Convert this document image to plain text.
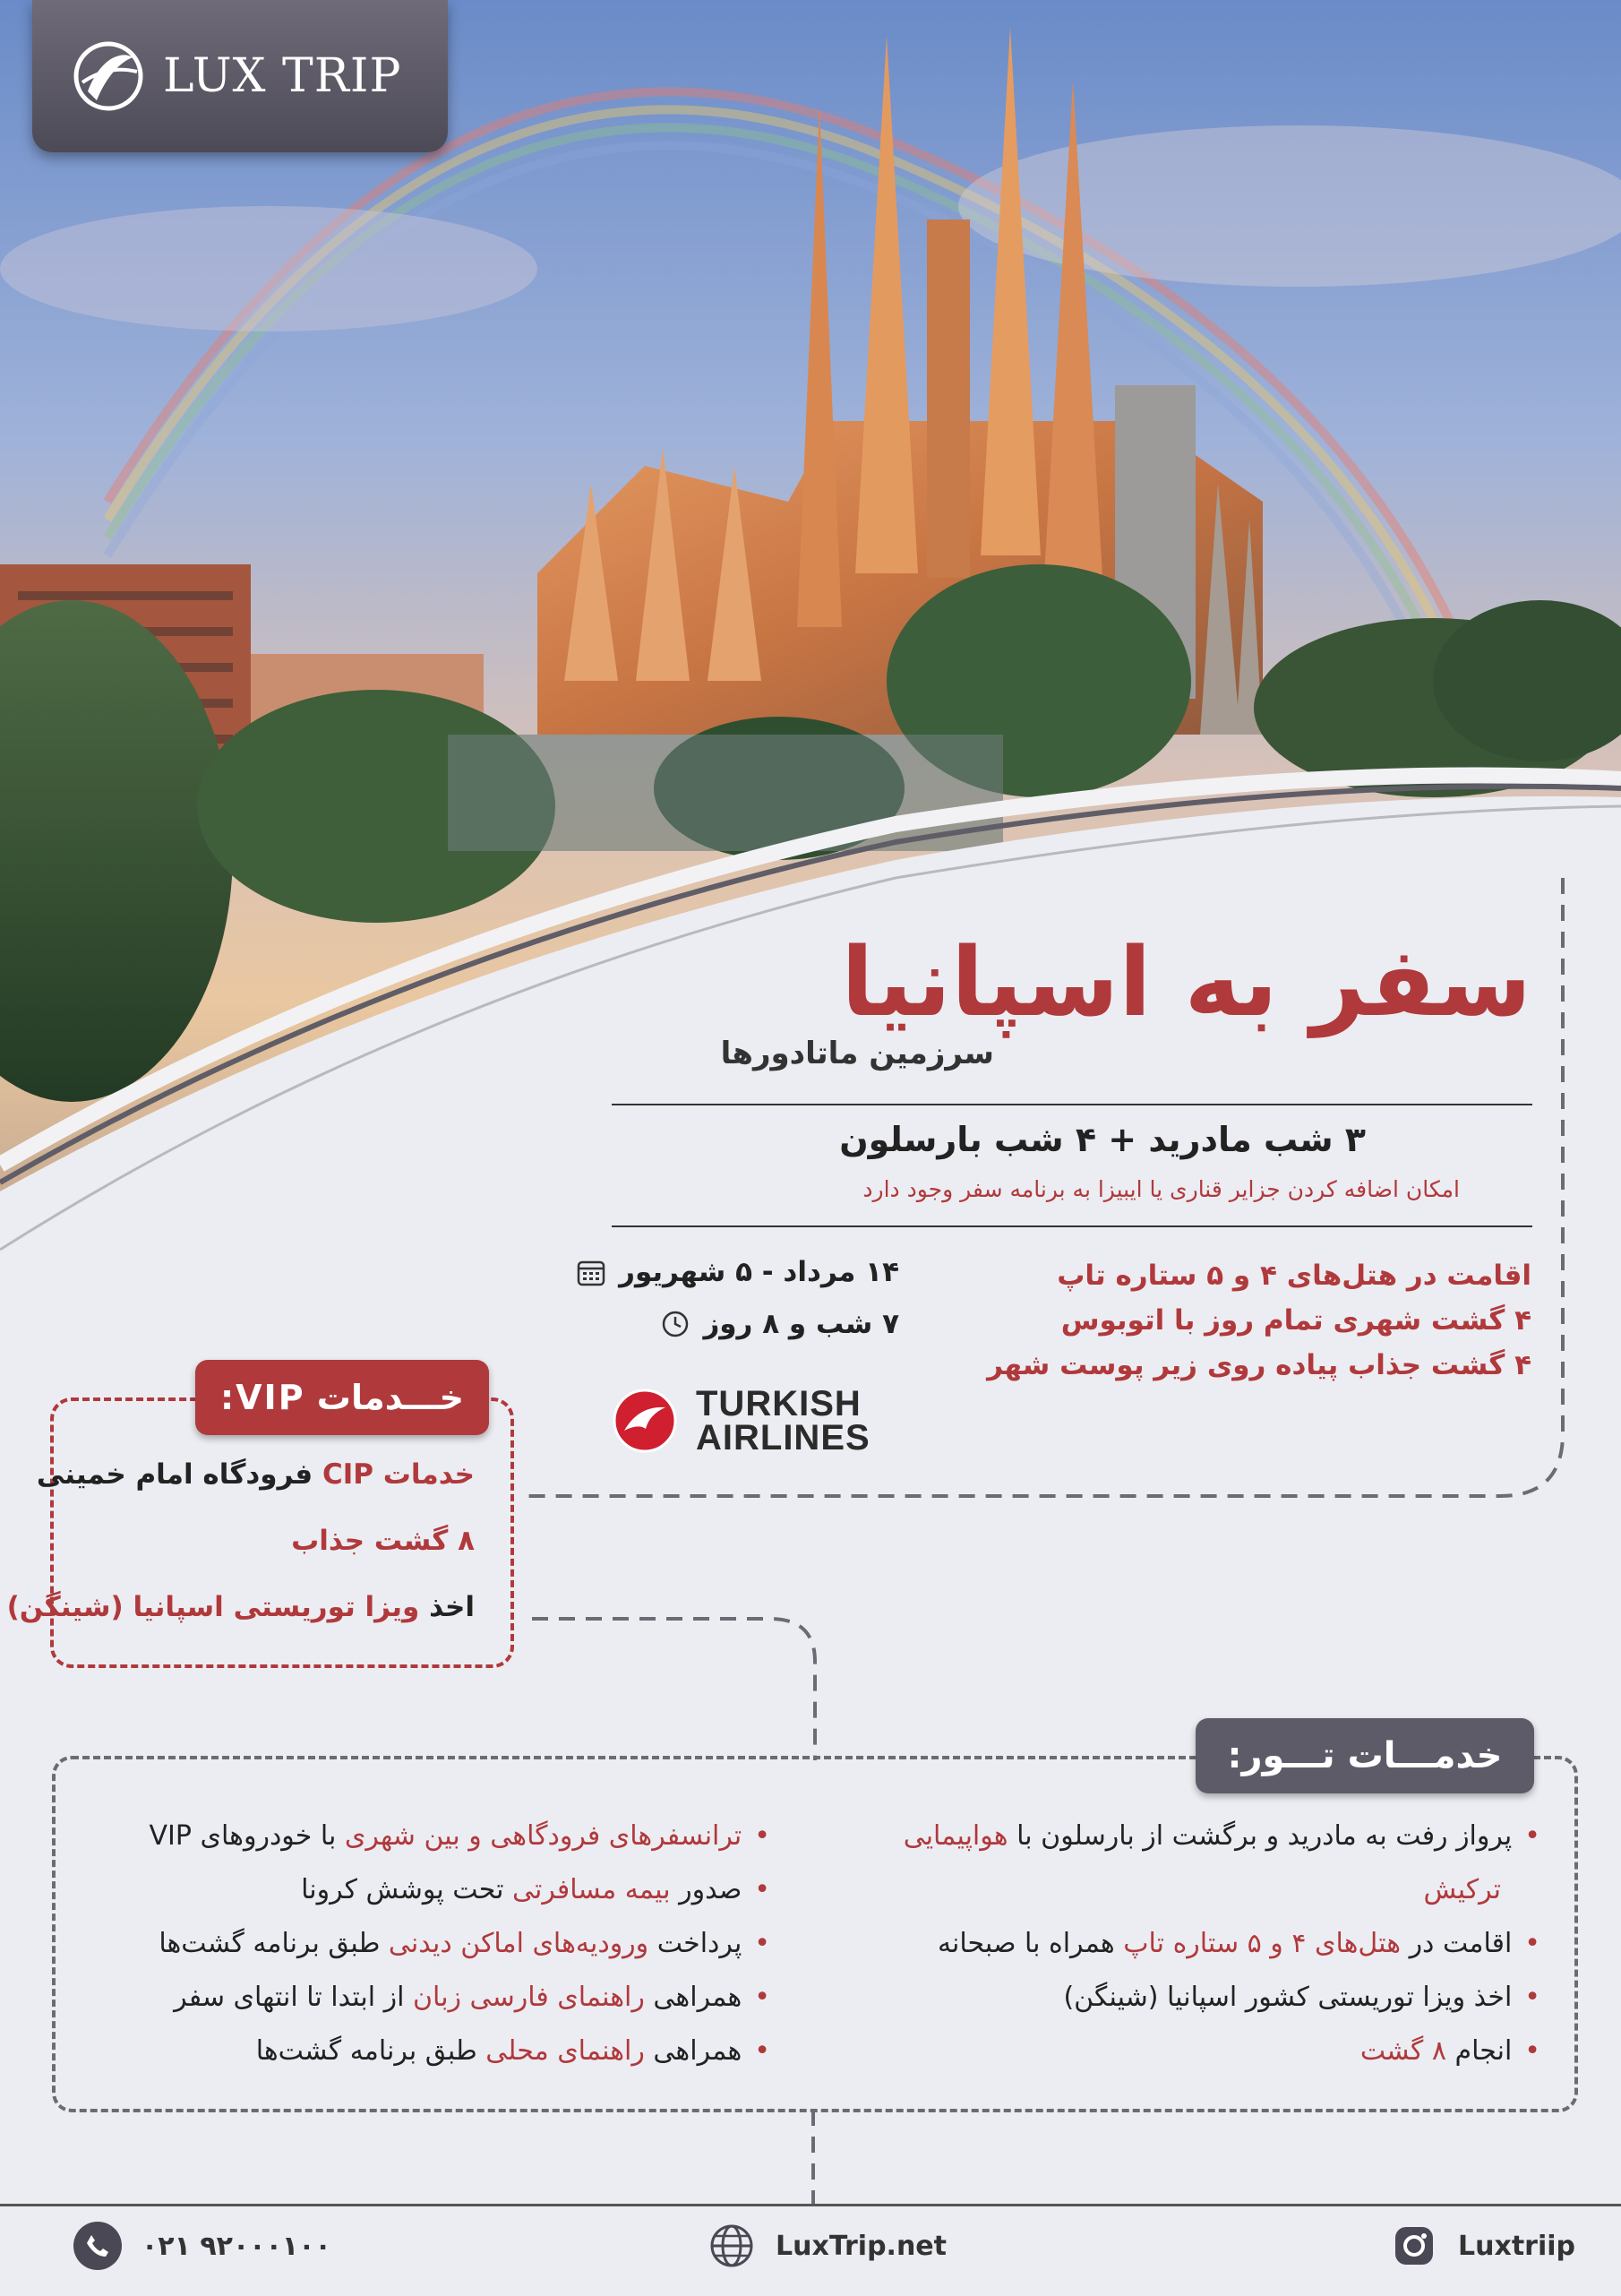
LUX TRIP
سفر به اسپانیا
سرزمین ماتادورها
۳ شب مادرید + ۴ شب بارسلون
امکان اضافه کردن جزایر قناری یا ایبیزا به برنامه سفر وجود دارد
اقامت در هتل‌های ۴ و ۵ ستاره تاپ
۴ گشت شهری تمام روز با اتوبوس
۴ گشت جذاب پیاده روی زیر پوست شهر
۱۴ مرداد - ۵ شهریور
۷ شب و ۸ روز
TURKISH
AIRLINES
خـــدمات VIP:
خدمات CIP فرودگاه امام خمینی
۸ گشت جذاب
اخذ ویزا توریستی اسپانیا (شینگن)
خدمـــات تـــور:
•پرواز رفت به مادرید و برگشت از بارسلون با هواپیمایی
ترکیش
•اقامت در هتل‌های ۴ و ۵ ستاره تاپ همراه با صبحانه
•اخذ ویزا توریستی کشور اسپانیا (شینگن)
•انجام ۸ گشت
•ترانسفرهای فرودگاهی و بین شهری با خودروهای VIP
•صدور بیمه مسافرتی تحت پوشش کرونا
•پرداخت ورودیه‌های اماکن دیدنی طبق برنامه گشت‌ها
•همراهی راهنمای فارسی زبان از ابتدا تا انتهای سفر
•همراهی راهنمای محلی طبق برنامه گشت‌ها
۰۲۱ ۹۲۰۰۰۱۰۰	LuxTrip.net	Luxtriip
